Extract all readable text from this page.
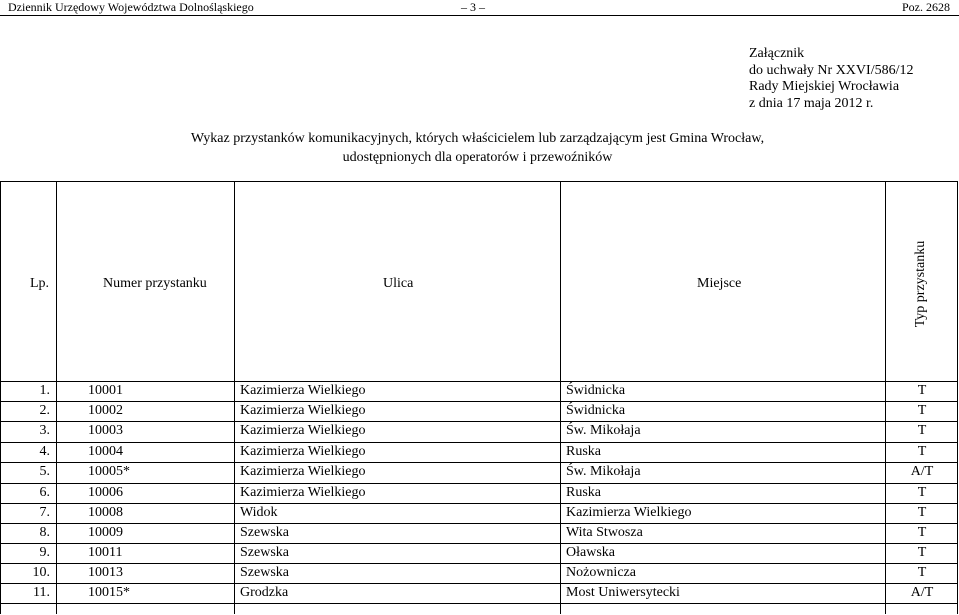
Dziennik Urzędowy Województwa Dolnośląskiego	– 3 –	Poz. 2628
Załącznik
do uchwały Nr XXVI/586/12
Rady Miejskiej Wrocławia
z dnia 17 maja 2012 r.
Wykaz przystanków komunikacyjnych, których właścicielem lub zarządzającym jest Gmina Wrocław,
udostępnionych dla operatorów i przewoźników
Lp.	Numer przystanku	Ulica	Miejsce	Typ przystanku
1.	10001	Kazimierza Wielkiego	Świdnicka	T
2.	10002	Kazimierza Wielkiego	Świdnicka	T
3.	10003	Kazimierza Wielkiego	Św. Mikołaja	T
4.	10004	Kazimierza Wielkiego	Ruska	T
5.	10005*	Kazimierza Wielkiego	Św. Mikołaja	A/T
6.	10006	Kazimierza Wielkiego	Ruska	T
7.	10008	Widok	Kazimierza Wielkiego	T
8.	10009	Szewska	Wita Stwosza	T
9.	10011	Szewska	Oławska	T
10.	10013	Szewska	Nożownicza	T
11.	10015*	Grodzka	Most Uniwersytecki	A/T
